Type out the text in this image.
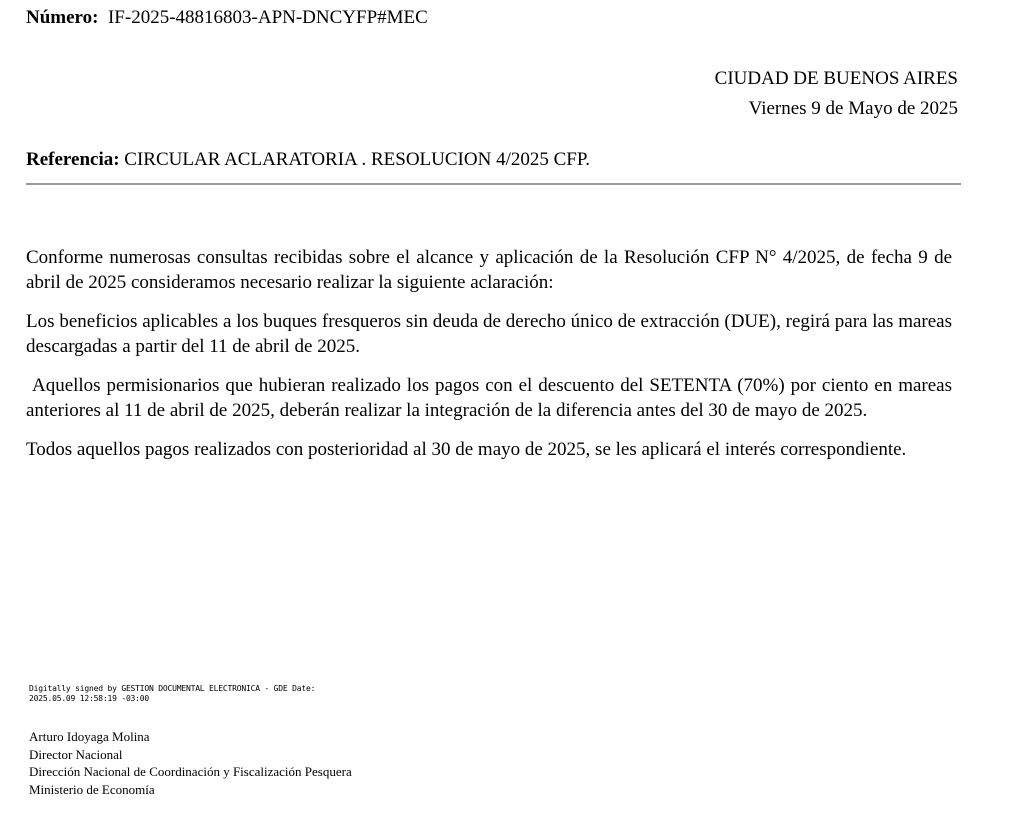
Número: IF-2025-48816803-APN-DNCYFP#MEC
CIUDAD DE BUENOS AIRES
Viernes 9 de Mayo de 2025
Referencia: CIRCULAR ACLARATORIA . RESOLUCION 4/2025 CFP.

Conforme numerosas consultas recibidas sobre el alcance y aplicación de la Resolución CFP N° 4/2025, de fecha 9 de abril de 2025 consideramos necesario realizar la siguiente aclaración:

Los beneficios aplicables a los buques fresqueros sin deuda de derecho único de extracción (DUE), regirá para las mareas descargadas a partir del 11 de abril de 2025.

Aquellos permisionarios que hubieran realizado los pagos con el descuento del SETENTA (70%) por ciento en mareas anteriores al 11 de abril de 2025, deberán realizar la integración de la diferencia antes del 30 de mayo de 2025.

Todos aquellos pagos realizados con posterioridad al 30 de mayo de 2025, se les aplicará el interés correspondiente.

Digitally signed by GESTION DOCUMENTAL ELECTRONICA - GDE Date:
2025.05.09 12:58:19 -03:00
Arturo Idoyaga Molina
Director Nacional
Dirección Nacional de Coordinación y Fiscalización Pesquera
Ministerio de Economía
